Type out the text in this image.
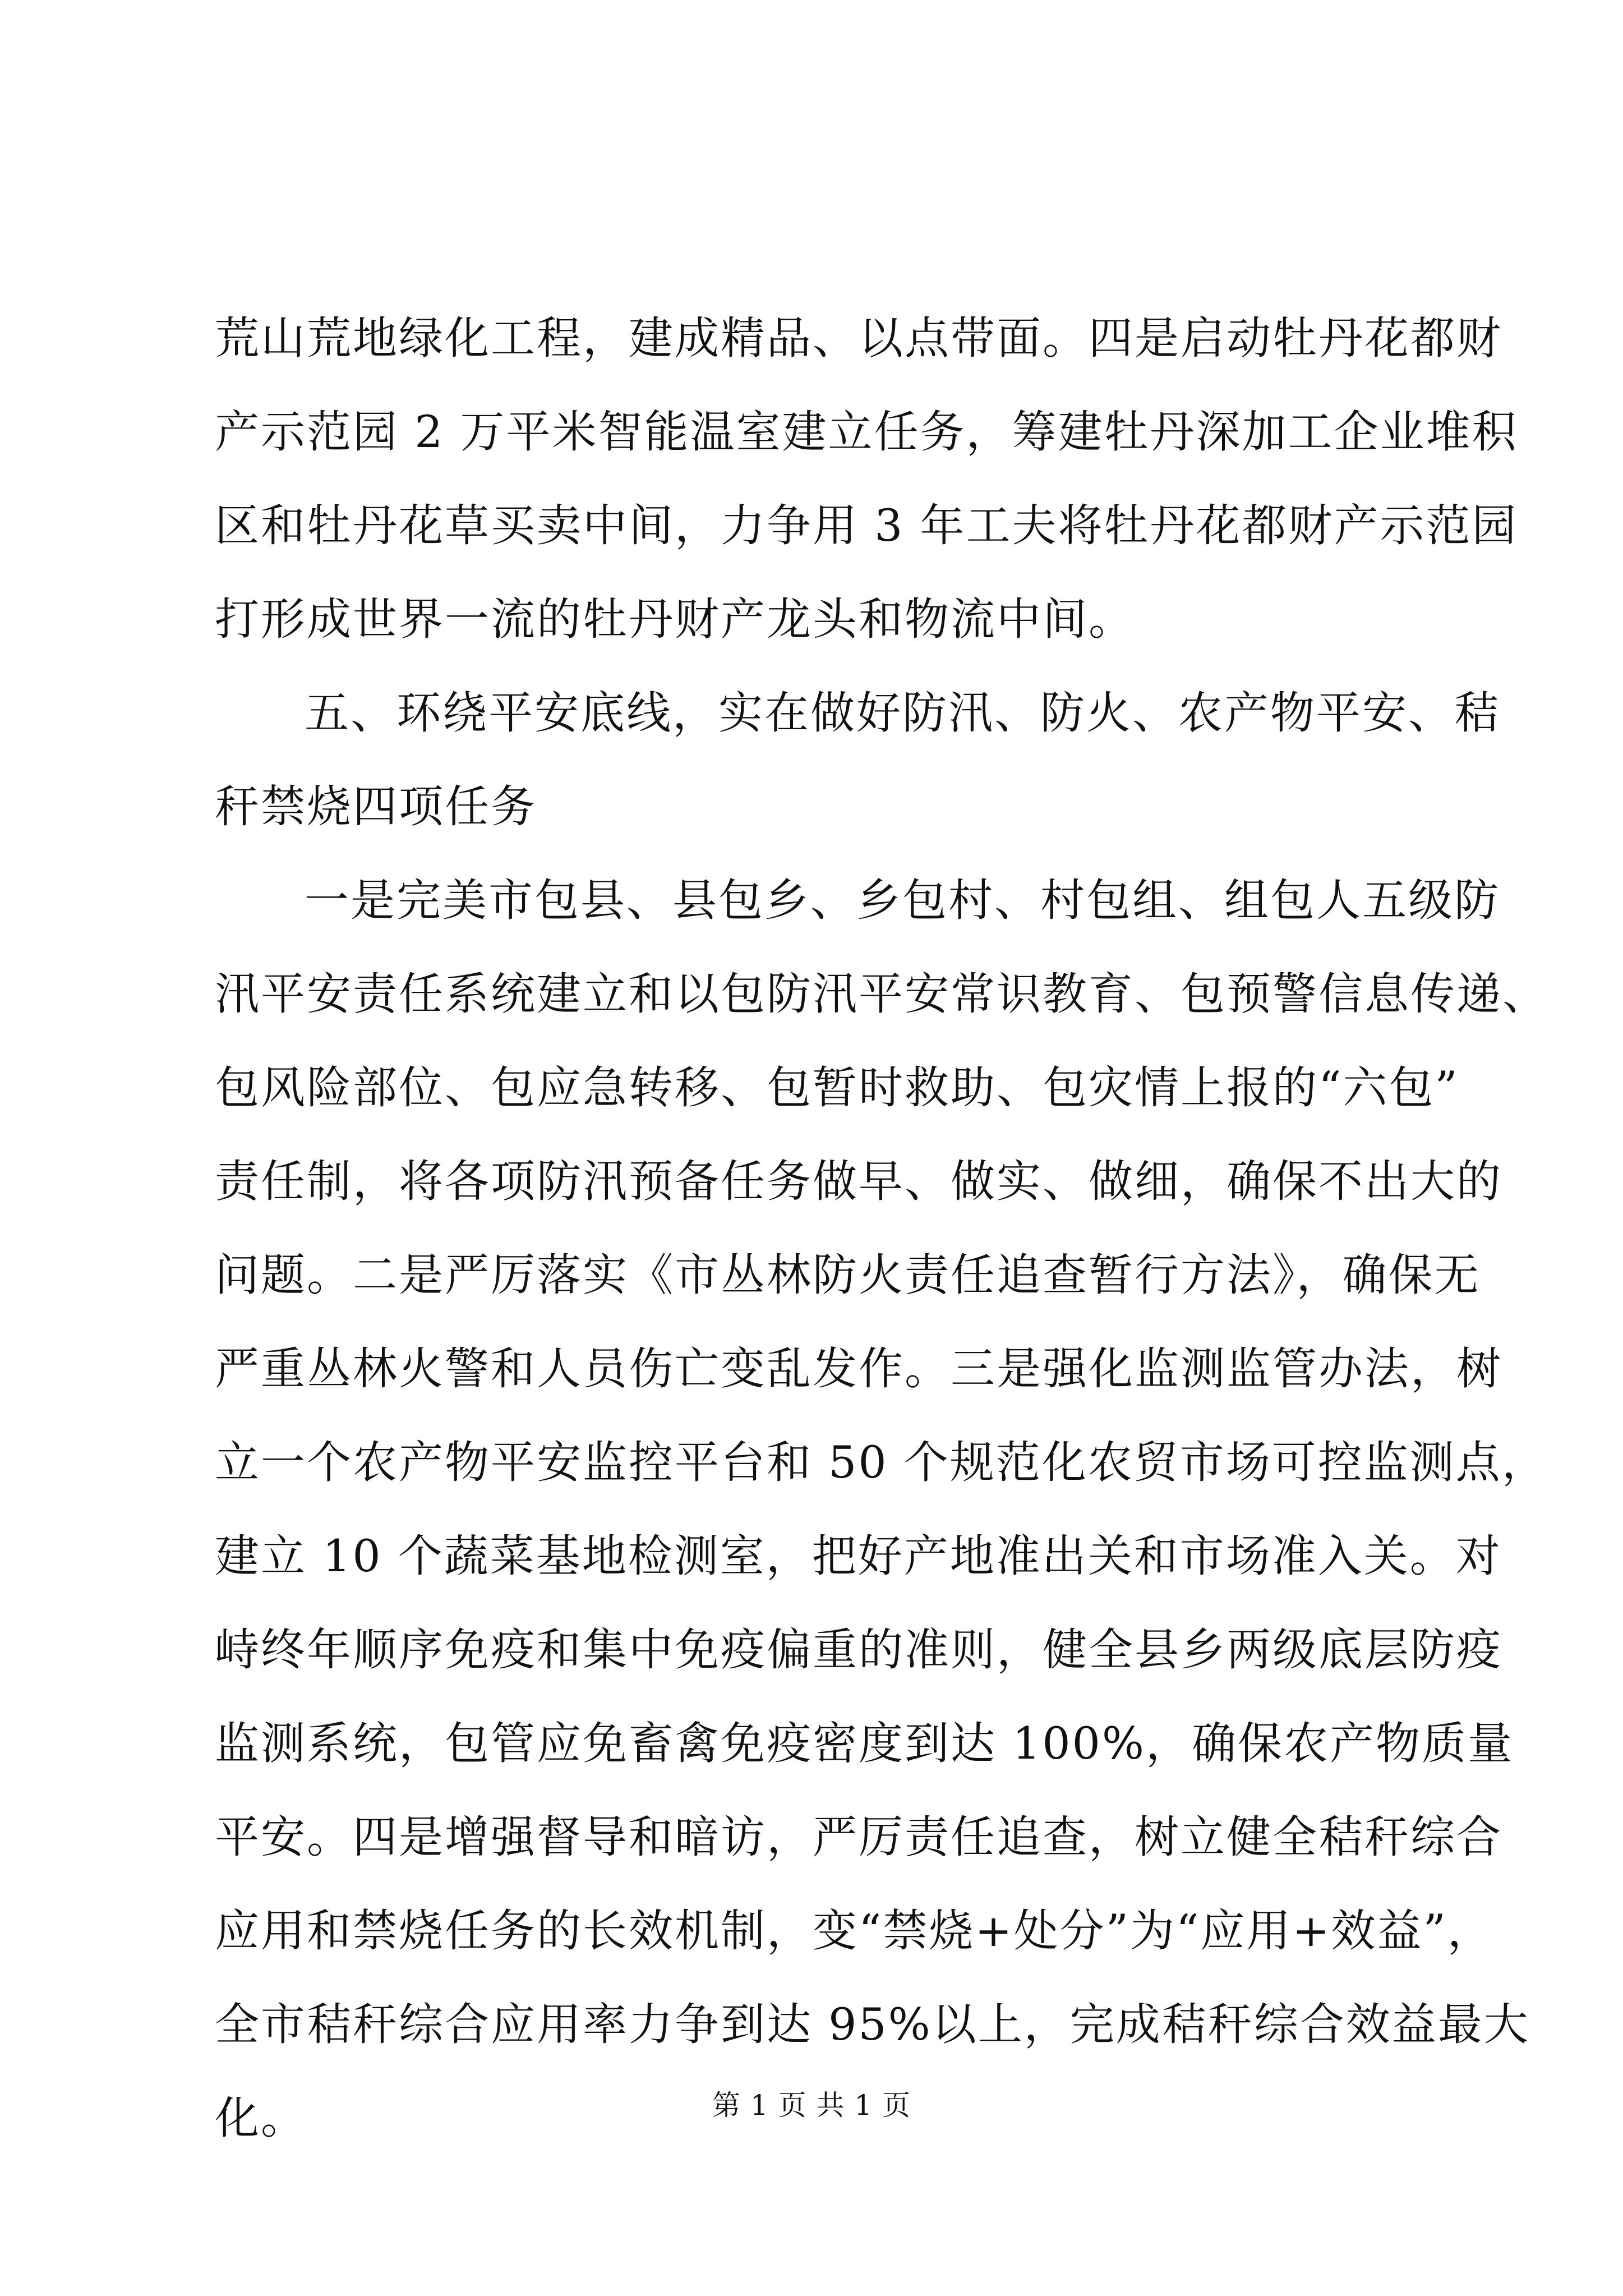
荒山荒地绿化工程，建成精品、以点带面。四是启动牡丹花都财
产示范园 2 万平米智能温室建立任务，筹建牡丹深加工企业堆积
区和牡丹花草买卖中间，力争用 3 年工夫将牡丹花都财产示范园
打形成世界一流的牡丹财产龙头和物流中间。
五、环绕平安底线，实在做好防汛、防火、农产物平安、秸
秆禁烧四项任务
一是完美市包县、县包乡、乡包村、村包组、组包人五级防
汛平安责任系统建立和以包防汛平安常识教育、包预警信息传递、
包风险部位、包应急转移、包暂时救助、包灾情上报的“六包”
责任制，将各项防汛预备任务做早、做实、做细，确保不出大的
问题。二是严厉落实《市丛林防火责任追查暂行方法》，确保无
严重丛林火警和人员伤亡变乱发作。三是强化监测监管办法，树
立一个农产物平安监控平台和 50 个规范化农贸市场可控监测点，
建立 10 个蔬菜基地检测室，把好产地准出关和市场准入关。对
峙终年顺序免疫和集中免疫偏重的准则，健全县乡两级底层防疫
监测系统，包管应免畜禽免疫密度到达 100%，确保农产物质量
平安。四是增强督导和暗访，严厉责任追查，树立健全秸秆综合
应用和禁烧任务的长效机制，变“禁烧+处分”为“应用+效益”，
全市秸秆综合应用率力争到达 95%以上，完成秸秆综合效益最大
化。	第 1 页 共 1 页
